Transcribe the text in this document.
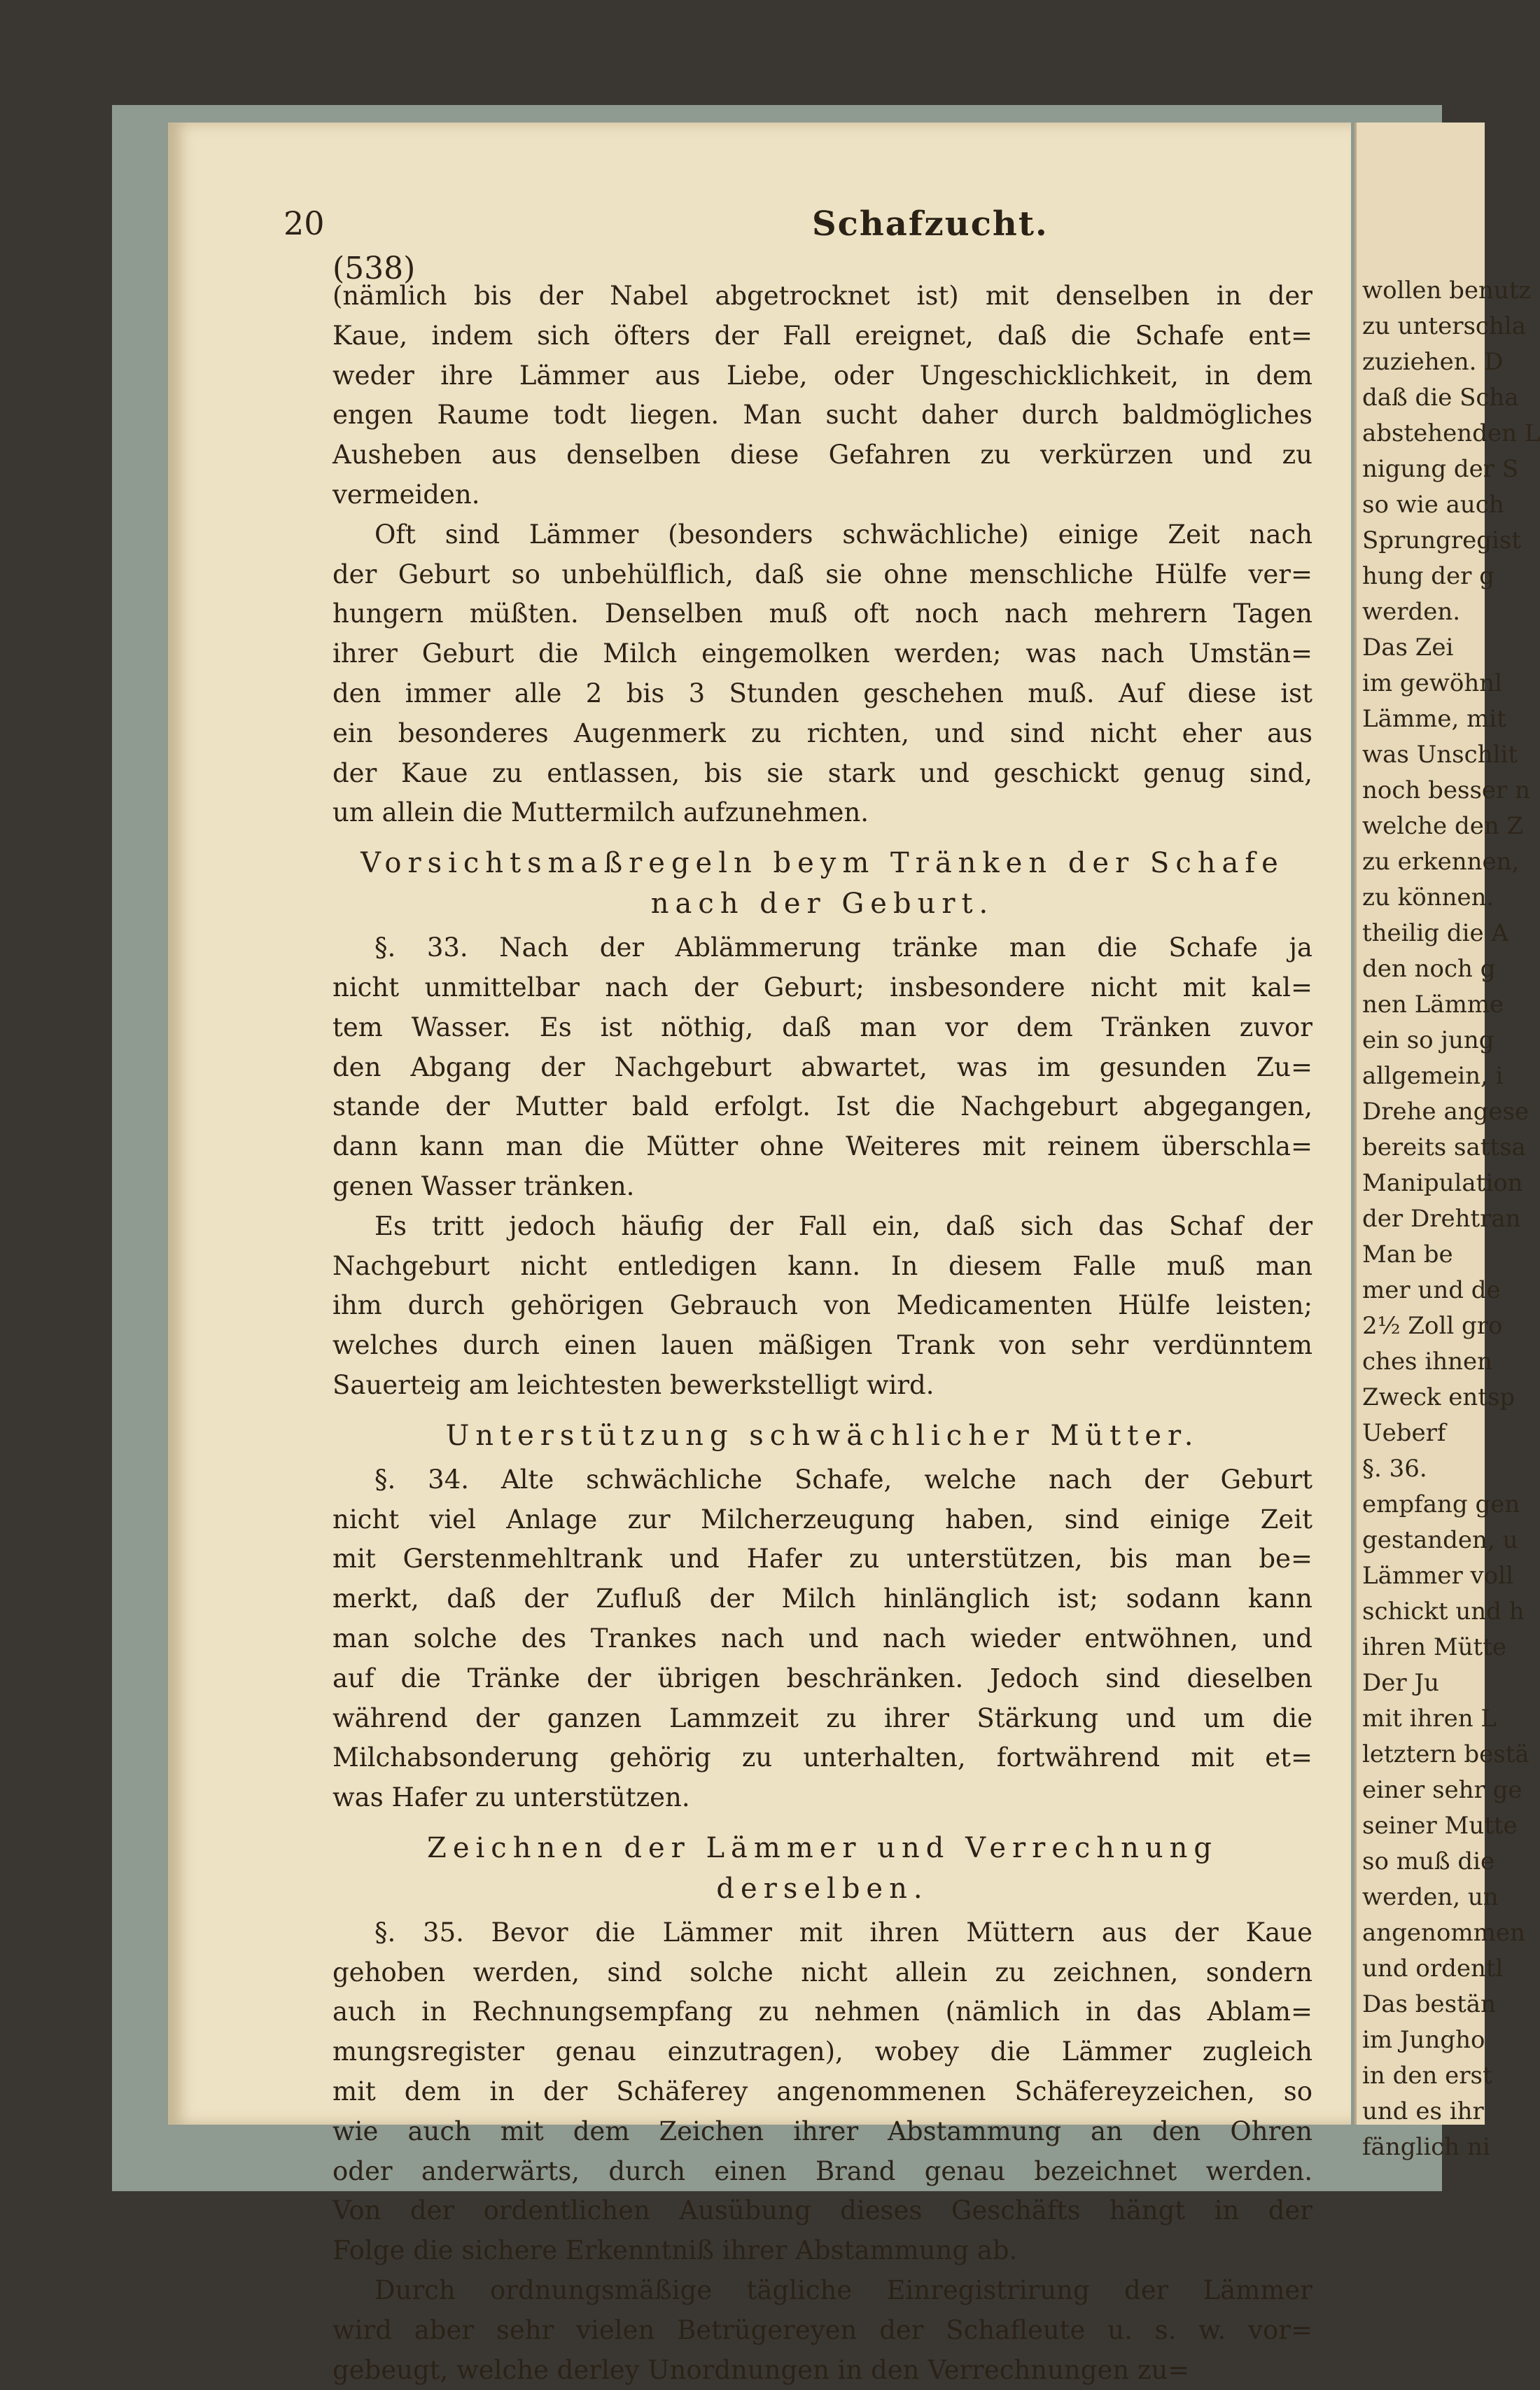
wollen benutz
zu unterschla
zuziehen. D
daß die Scha
abstehenden L
nigung der S
so wie auch
Sprungregist
hung der g
werden.
Das Zei
im gewöhnl
Lämme, mit
was Unschlit
noch besser n
welche den Z
zu erkennen,
zu können.
theilig die A
den noch g
nen Lämme
ein so jung
allgemein, i
Drehe angese
bereits sattsa
Manipulation
der Drehtran
Man be
mer und de
2½ Zoll gro
ches ihnen
Zweck entsp
Ueberf
§. 36.
empfang gen
gestanden, u
Lämmer voll
schickt und h
ihren Mütte
Der Ju
mit ihren L
letztern bestä
einer sehr ge
seiner Mutte
so muß die
werden, un
angenommen
und ordentl
Das bestän
im Jungho
in den erst
und es ihr
fänglich ni
20	Schafzucht.
(538)

(nämlich bis der Nabel abgetrocknet ist) mit denselben in der

Kaue, indem sich öfters der Fall ereignet, daß die Schafe ent=

weder ihre Lämmer aus Liebe, oder Ungeschicklichkeit, in dem

engen Raume todt liegen. Man sucht daher durch baldmögliches

Ausheben aus denselben diese Gefahren zu verkürzen und zu

vermeiden.

Oft sind Lämmer (besonders schwächliche) einige Zeit nach

der Geburt so unbehülflich, daß sie ohne menschliche Hülfe ver=

hungern müßten. Denselben muß oft noch nach mehrern Tagen

ihrer Geburt die Milch eingemolken werden; was nach Umstän=

den immer alle 2 bis 3 Stunden geschehen muß. Auf diese ist

ein besonderes Augenmerk zu richten, und sind nicht eher aus

der Kaue zu entlassen, bis sie stark und geschickt genug sind,

um allein die Muttermilch aufzunehmen.

Vorsichtsmaßregeln beym Tränken der Schafe nach der Geburt.

§. 33. Nach der Ablämmerung tränke man die Schafe ja

nicht unmittelbar nach der Geburt; insbesondere nicht mit kal=

tem Wasser. Es ist nöthig, daß man vor dem Tränken zuvor

den Abgang der Nachgeburt abwartet, was im gesunden Zu=

stande der Mutter bald erfolgt. Ist die Nachgeburt abgegangen,

dann kann man die Mütter ohne Weiteres mit reinem überschla=

genen Wasser tränken.

Es tritt jedoch häufig der Fall ein, daß sich das Schaf der

Nachgeburt nicht entledigen kann. In diesem Falle muß man

ihm durch gehörigen Gebrauch von Medicamenten Hülfe leisten;

welches durch einen lauen mäßigen Trank von sehr verdünntem

Sauerteig am leichtesten bewerkstelligt wird.

Unterstützung schwächlicher Mütter.

§. 34. Alte schwächliche Schafe, welche nach der Geburt

nicht viel Anlage zur Milcherzeugung haben, sind einige Zeit

mit Gerstenmehltrank und Hafer zu unterstützen, bis man be=

merkt, daß der Zufluß der Milch hinlänglich ist; sodann kann

man solche des Trankes nach und nach wieder entwöhnen, und

auf die Tränke der übrigen beschränken. Jedoch sind dieselben

während der ganzen Lammzeit zu ihrer Stärkung und um die

Milchabsonderung gehörig zu unterhalten, fortwährend mit et=

was Hafer zu unterstützen.

Zeichnen der Lämmer und Verrechnung derselben.

§. 35. Bevor die Lämmer mit ihren Müttern aus der Kaue

gehoben werden, sind solche nicht allein zu zeichnen, sondern

auch in Rechnungsempfang zu nehmen (nämlich in das Ablam=

mungsregister genau einzutragen), wobey die Lämmer zugleich

mit dem in der Schäferey angenommenen Schäfereyzeichen, so

wie auch mit dem Zeichen ihrer Abstammung an den Ohren

oder anderwärts, durch einen Brand genau bezeichnet werden.

Von der ordentlichen Ausübung dieses Geschäfts hängt in der

Folge die sichere Erkenntniß ihrer Abstammung ab.

Durch ordnungsmäßige tägliche Einregistrirung der Lämmer

wird aber sehr vielen Betrügereyen der Schafleute u. s. w. vor=

gebeugt, welche derley Unordnungen in den Verrechnungen zu=
